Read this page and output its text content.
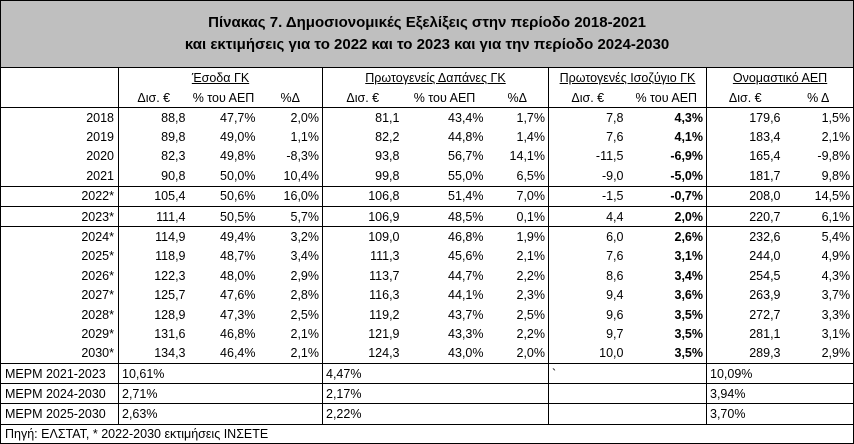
Πίνακας 7. Δημοσιονομικές Εξελίξεις στην περίοδο 2018-2021
και εκτιμήσεις για το 2022 και το 2023 και για την περίοδο 2024-2030										

	Έσοδα ΓΚ			Πρωτογενείς Δαπάνες ΓΚ			Πρωτογενές Ισοζύγιο ΓΚ		Ονομαστικό ΑΕΠ	
	Δισ. €	% του ΑΕΠ	%Δ	Δισ. €	% του ΑΕΠ	%Δ	Δισ. €	% του ΑΕΠ	Δισ. €	% Δ
2018	88,8	47,7%	2,0%	81,1	43,4%	1,7%	7,8	4,3%	179,6	1,5%
2019	89,8	49,0%	1,1%	82,2	44,8%	1,4%	7,6	4,1%	183,4	2,1%
2020	82,3	49,8%	-8,3%	93,8	56,7%	14,1%	-11,5	-6,9%	165,4	-9,8%
2021	90,8	50,0%	10,4%	99,8	55,0%	6,5%	-9,0	-5,0%	181,7	9,8%
2022*	105,4	50,6%	16,0%	106,8	51,4%	7,0%	-1,5	-0,7%	208,0	14,5%
2023*	111,4	50,5%	5,7%	106,9	48,5%	0,1%	4,4	2,0%	220,7	6,1%
2024*	114,9	49,4%	3,2%	109,0	46,8%	1,9%	6,0	2,6%	232,6	5,4%
2025*	118,9	48,7%	3,4%	111,3	45,6%	2,1%	7,6	3,1%	244,0	4,9%
2026*	122,3	48,0%	2,9%	113,7	44,7%	2,2%	8,6	3,4%	254,5	4,3%
2027*	125,7	47,6%	2,8%	116,3	44,1%	2,3%	9,4	3,6%	263,9	3,7%
2028*	128,9	47,3%	2,5%	119,2	43,7%	2,5%	9,6	3,5%	272,7	3,3%
2029*	131,6	46,8%	2,1%	121,9	43,3%	2,2%	9,7	3,5%	281,1	3,1%
2030*	134,3	46,4%	2,1%	124,3	43,0%	2,0%	10,0	3,5%	289,3	2,9%
ΜΕΡΜ 2021-2023	10,61%			4,47%			`		10,09%	
ΜΕΡΜ 2024-2030	2,71%			2,17%					3,94%	
ΜΕΡΜ 2025-2030	2,63%			2,22%					3,70%	
Πηγή: ΕΛΣΤΑΤ, * 2022-2030 εκτιμήσεις ΙΝΣΕΤΕ										
